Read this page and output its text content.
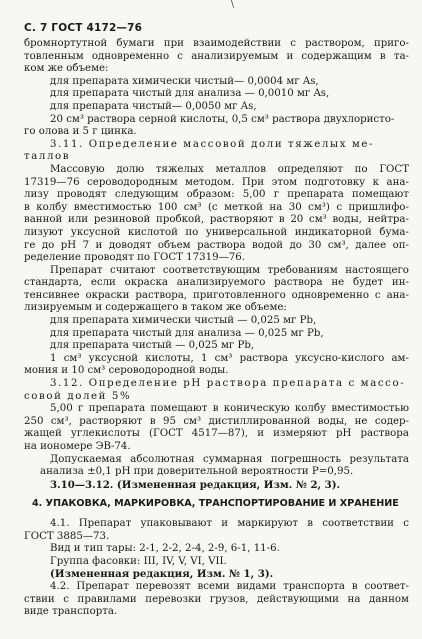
\
С. 7 ГОСТ 4172—76
бромнортутной бумаги при взаимодействии с раствором, приго-
товленным одновременно с анализируемым и содержащим в та-
ком же объеме:
для препарата химически чистый— 0,0004 мг As,
для препарата чистый для анализа — 0,0010 мг As,
для препарата чистый— 0,0050 мг As,
20 см³ раствора серной кислоты, 0,5 см³ раствора двухлористо-
го олова и 5 г цинка.
3.11. Определение массовой доли тяжелых ме-
таллов
Массовую долю тяжелых металлов определяют по ГОСТ
17319—76 сероводородным методом. При этом подготовку к ана-
лизу проводят следующим образом: 5,00 г препарата помещают
в колбу вместимостью 100 см³ (с меткой на 30 см³) с пришлифо-
ванной или резиновой пробкой, растворяют в 20 см³ воды, нейтра-
лизуют уксусной кислотой по универсальной индикаторной бума-
ге до рН 7 и доводят объем раствора водой до 30 см³, далее оп-
ределение проводят по ГОСТ 17319—76.
Препарат считают соответствующим требованиям настоящего
стандарта, если окраска анализируемого раствора не будет ин-
тенсивнее окраски раствора, приготовленного одновременно с ана-
лизируемым и содержащего в таком же объеме:
для препарата химически чистый — 0,025 мг Pb,
для препарата чистый для анализа — 0,025 мг Pb,
для препарата чистый — 0,025 мг Pb,
1 см³ уксусной кислоты, 1 см³ раствора уксусно-кислого ам-
мония и 10 см³ сероводородной воды.
3.12. Определение рН раствора препарата с массо-
совой долей 5%
5,00 г препарата помещают в коническую колбу вместимостью
250 см³, растворяют в 95 см³ дистиллированной воды, не содер-
жащей углекислоты (ГОСТ 4517—87), и измеряют рН раствора
на иономере ЭВ-74.
Допускаемая абсолютная суммарная погрешность результата
анализа ±0,1 рН при доверительной вероятности P=0,95.
3.10—3.12. (Измененная редакция, Изм. № 2, 3).
4. УПАКОВКА, МАРКИРОВКА, ТРАНСПОРТИРОВАНИЕ И ХРАНЕНИЕ
4.1. Препарат упаковывают и маркируют в соответствии с
ГОСТ 3885—73.
Вид и тип тары: 2-1, 2-2, 2-4, 2-9, 6-1, 11-6.
Группа фасовки: III, IV, V, VI, VII.
(Измененная редакция, Изм. № 1, 3).
4.2. Препарат перевозят всеми видами транспорта в соответ-
ствии с правилами перевозки грузов, действующими на данном
виде транспорта.
